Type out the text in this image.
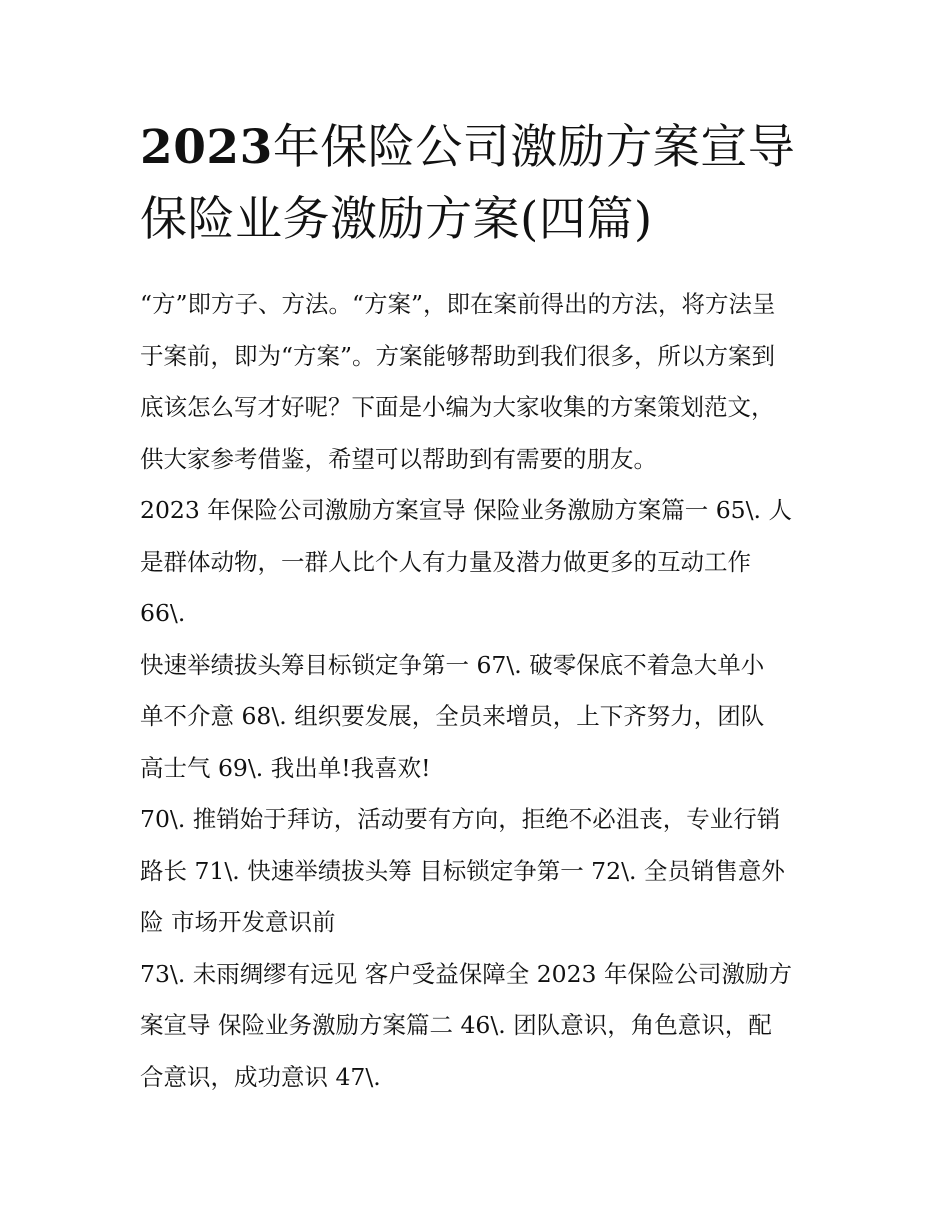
2023年保险公司激励方案宣导
保险业务激励方案(四篇)
“方”即方子、方法。“方案”，即在案前得出的方法，将方法呈
于案前，即为“方案”。方案能够帮助到我们很多，所以方案到
底该怎么写才好呢？下面是小编为大家收集的方案策划范文，
供大家参考借鉴，希望可以帮助到有需要的朋友。
2023 年保险公司激励方案宣导 保险业务激励方案篇一 65\. 人
是群体动物，一群人比个人有力量及潜力做更多的互动工作
66\.
快速举绩拔头筹目标锁定争第一 67\. 破零保底不着急大单小
单不介意 68\. 组织要发展，全员来增员，上下齐努力，团队
高士气 69\. 我出单!我喜欢!
70\. 推销始于拜访，活动要有方向，拒绝不必沮丧，专业行销
路长 71\. 快速举绩拔头筹 目标锁定争第一 72\. 全员销售意外
险 市场开发意识前
73\. 未雨绸缪有远见 客户受益保障全 2023 年保险公司激励方
案宣导 保险业务激励方案篇二 46\. 团队意识，角色意识，配
合意识，成功意识 47\.
